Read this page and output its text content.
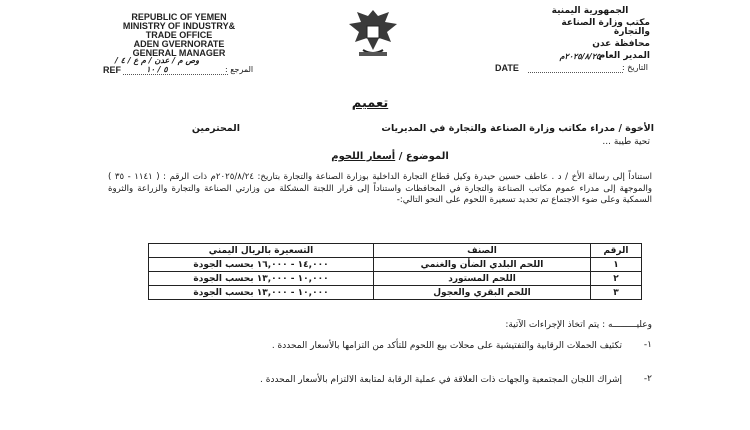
REPUBLIC OF YEMEN
MINISTRY OF INDUSTRY&
TRADE OFFICE
ADEN GVERNORATE
GENERAL MANAGER
وص م / عدن / م ع / ٤ / ٥ / ١٠
REF	المرجع :
الجمهورية اليمنية
مكتب وزارة الصناعة والتجارة
محافظة عدن
المدير العام
٢٠٢٥/٨/٢٥م
DATE	التاريخ :
تعميم
الأخوة / مدراء مكاتب وزارة الصناعة والتجارة في المديريات
المحترمين
تحية طيبة ...
الموضوع / أسعار اللحوم
استناداً إلى رسالة الأخ / د . عاطف حسين حيدرة وكيل قطاع التجارة الداخلية بوزارة الصناعة والتجارة بتاريخ: ٢٠٢٥/٨/٢٤م ذات الرقم : ( ١١٤١ - ٣٥ ) والموجهة إلى مدراء عموم مكاتب الصناعة والتجارة في المحافظات واستناداً إلى قرار اللجنة المشكلة من وزارتي الصناعة والتجارة والزراعة والثروة السمكية وعلى ضوء الاجتماع تم تحديد تسعيرة اللحوم على النحو التالي:-
الرقم	الصنف	التسعيرة بالريال اليمني
١	اللحم البلدي الضأن والغنمي	١٤,٠٠٠ - ١٦,٠٠٠ بحسب الجودة
٢	اللحم المستورد	١٠,٠٠٠ - ١٣,٠٠٠ بحسب الجودة
٣	اللحم البقري والعجول	١٠,٠٠٠ - ١٣,٠٠٠ بحسب الجودة
وعليـــــــــه : يتم اتخاذ الإجراءات الآتية:
١-
تكثيف الحملات الرقابية والتفتيشية على محلات بيع اللحوم للتأكد من التزامها بالأسعار المحددة .
٢-
إشراك اللجان المجتمعية والجهات ذات العلاقة في عملية الرقابة لمتابعة الالتزام بالأسعار المحددة .
